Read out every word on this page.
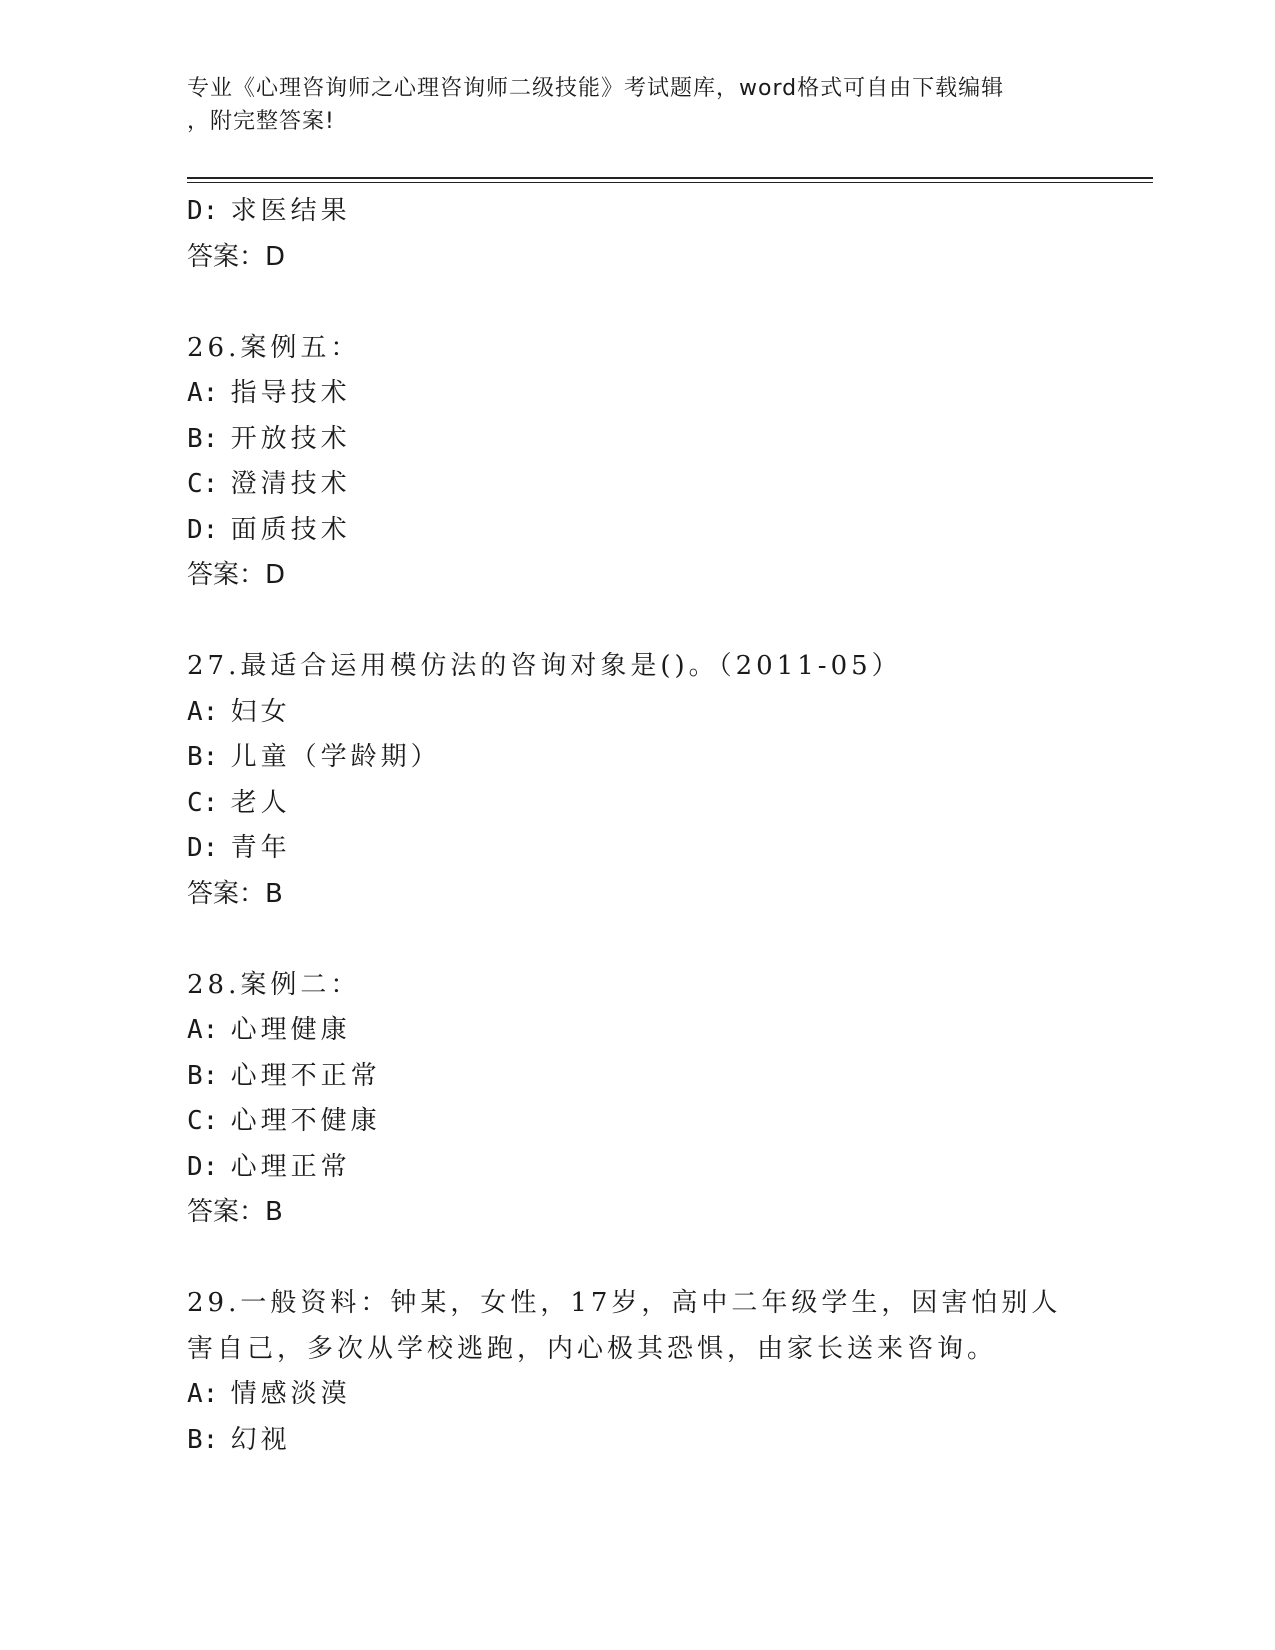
专业《心理咨询师之心理咨询师二级技能》考试题库，word格式可自由下载编辑
，附完整答案!
D: 求医结果
答案：D
26.案例五：
A: 指导技术
B: 开放技术
C: 澄清技术
D: 面质技术
答案：D
27.最适合运用模仿法的咨询对象是()。（2011-05）
A: 妇女
B: 儿童（学龄期）
C: 老人
D: 青年
答案：B
28.案例二：
A: 心理健康
B: 心理不正常
C: 心理不健康
D: 心理正常
答案：B
29.一般资料：钟某，女性，17岁，高中二年级学生，因害怕别人害自己，多次从学校逃跑，内心极其恐惧，由家长送来咨询。
A: 情感淡漠
B: 幻视
